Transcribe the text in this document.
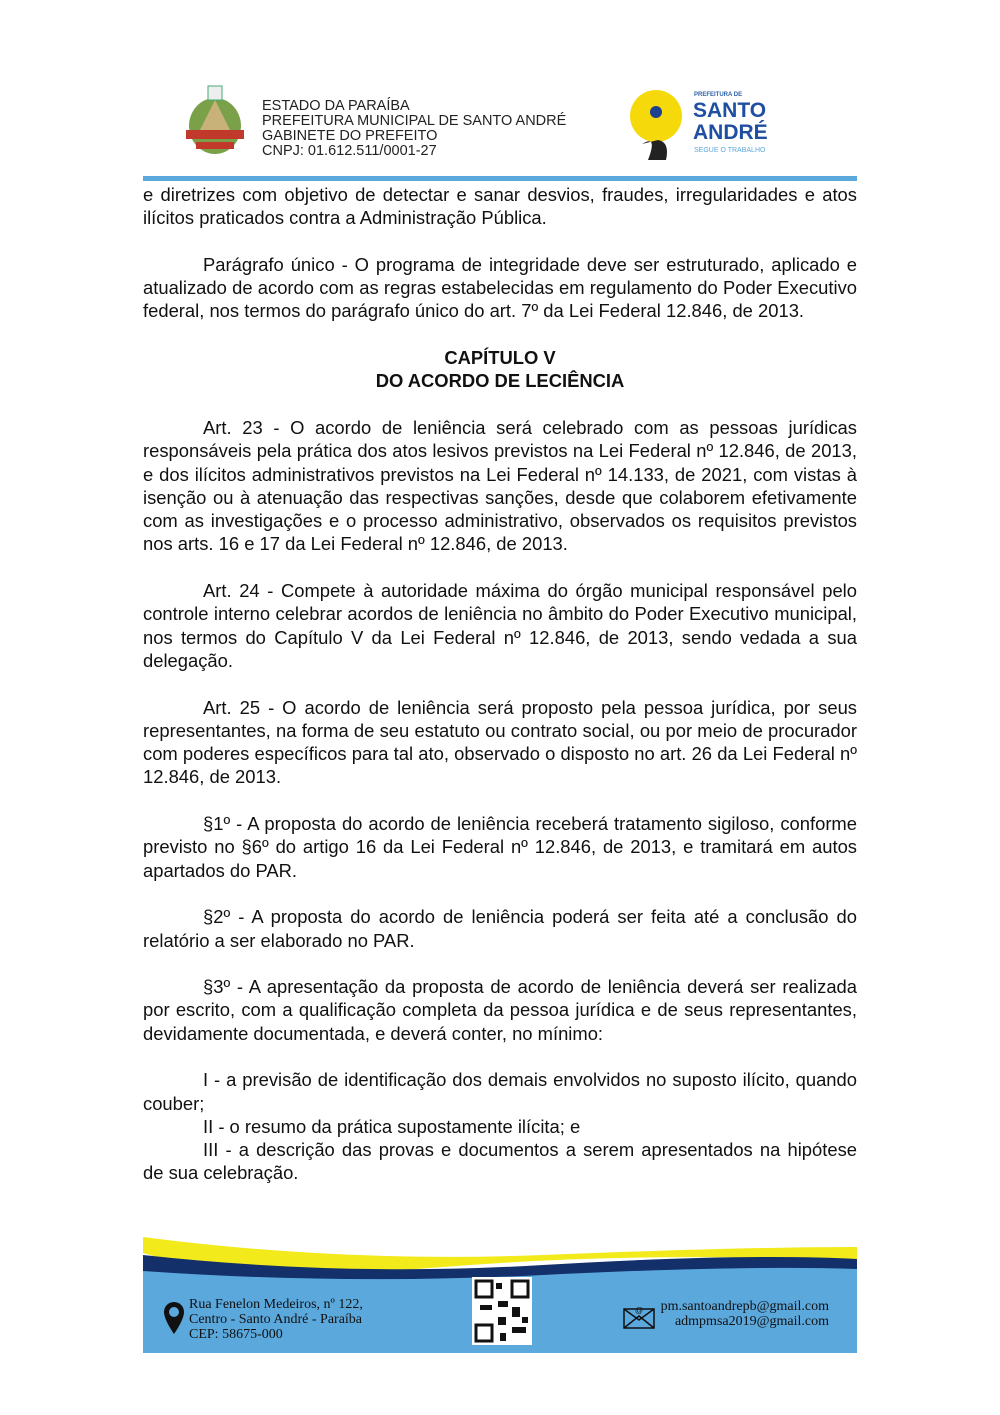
ESTADO DA PARAÍBA
PREFEITURA MUNICIPAL DE SANTO ANDRÉ
GABINETE DO PREFEITO
CNPJ: 01.612.511/0001-27
PREFEITURA DE
SANTO
ANDRÉ
SEGUE O TRABALHO
e diretrizes com objetivo de detectar e sanar desvios, fraudes, irregularidades e atos ilícitos praticados contra a Administração Pública.
Parágrafo único - O programa de integridade deve ser estruturado, aplicado e atualizado de acordo com as regras estabelecidas em regulamento do Poder Executivo federal, nos termos do parágrafo único do art. 7º da Lei Federal 12.846, de 2013.
CAPÍTULO V
DO ACORDO DE LECIÊNCIA
Art. 23 - O acordo de leniência será celebrado com as pessoas jurídicas responsáveis pela prática dos atos lesivos previstos na Lei Federal nº 12.846, de 2013, e dos ilícitos administrativos previstos na Lei Federal nº 14.133, de 2021, com vistas à isenção ou à atenuação das respectivas sanções, desde que colaborem efetivamente com as investigações e o processo administrativo, observados os requisitos previstos nos arts. 16 e 17 da Lei Federal nº 12.846, de 2013.
Art. 24 - Compete à autoridade máxima do órgão municipal responsável pelo controle interno celebrar acordos de leniência no âmbito do Poder Executivo municipal, nos termos do Capítulo V da Lei Federal nº 12.846, de 2013, sendo vedada a sua delegação.
Art. 25 - O acordo de leniência será proposto pela pessoa jurídica, por seus representantes, na forma de seu estatuto ou contrato social, ou por meio de procurador com poderes específicos para tal ato, observado o disposto no art. 26 da Lei Federal nº 12.846, de 2013.
§1º - A proposta do acordo de leniência receberá tratamento sigiloso, conforme previsto no §6º do artigo 16 da Lei Federal nº 12.846, de 2013, e tramitará em autos apartados do PAR.
§2º - A proposta do acordo de leniência poderá ser feita até a conclusão do relatório a ser elaborado no PAR.
§3º - A apresentação da proposta de acordo de leniência deverá ser realizada por escrito, com a qualificação completa da pessoa jurídica e de seus representantes, devidamente documentada, e deverá conter, no mínimo:
I - a previsão de identificação dos demais envolvidos no suposto ilícito, quando couber;
II - o resumo da prática supostamente ilícita; e
III - a descrição das provas e documentos a serem apresentados na hipótese de sua celebração.
Rua Fenelon Medeiros, nº 122,
Centro - Santo André - Paraíba
CEP: 58675-000
@ pm.santoandrepb@gmail.com
admpmsa2019@gmail.com
